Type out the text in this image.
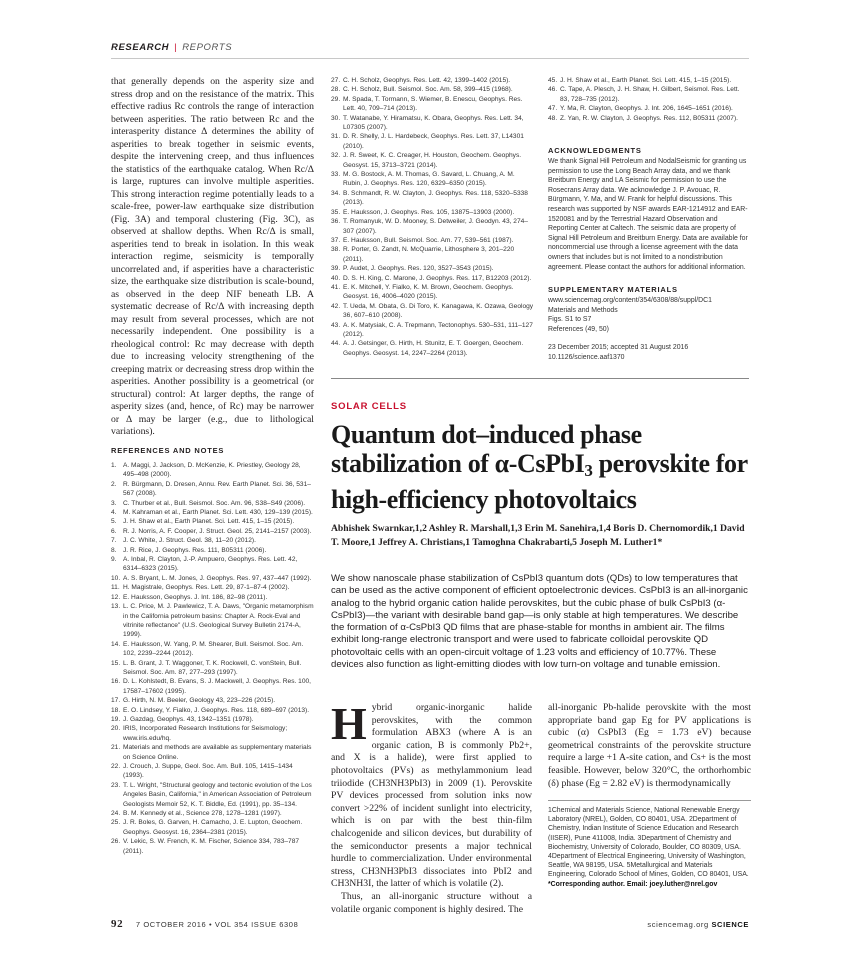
RESEARCH | REPORTS

that generally depends on the asperity size and stress drop and on the resistance of the matrix. This effective radius Rc controls the range of interaction between asperities. The ratio between Rc and the interasperity distance Δ determines the ability of asperities to break together in seismic events, despite the intervening creep, and thus influences the statistics of the earthquake catalog. When Rc/Δ is large, ruptures can involve multiple asperities. This strong interaction regime potentially leads to a scale-free, power-law earthquake size distribution (Fig. 3A) and temporal clustering (Fig. 3C), as observed at shallow depths. When Rc/Δ is small, asperities tend to break in isolation. In this weak interaction regime, seismicity is temporally uncorrelated and, if asperities have a characteristic size, the earthquake size distribution is scale-bound, as observed in the deep NIF beneath LB. A systematic decrease of Rc/Δ with increasing depth may result from several processes, which are not necessarily independent. One possibility is a rheological control: Rc may decrease with depth due to increasing velocity strengthening of the creeping matrix or decreasing stress drop within the asperities. Another possibility is a geometrical (or structural) control: At larger depths, the range of asperity sizes (and, hence, of Rc) may be narrower or Δ may be larger (e.g., due to lithological variations).

REFERENCES AND NOTES

1. A. Maggi, J. Jackson, D. McKenzie, K. Priestley, Geology 28, 495–498 (2000).

2. R. Bürgmann, D. Dresen, Annu. Rev. Earth Planet. Sci. 36, 531–567 (2008).

3. C. Thurber et al., Bull. Seismol. Soc. Am. 96, S38–S49 (2006).

4. M. Kahraman et al., Earth Planet. Sci. Lett. 430, 129–139 (2015).

5. J. H. Shaw et al., Earth Planet. Sci. Lett. 415, 1–15 (2015).

6. R. J. Norris, A. F. Cooper, J. Struct. Geol. 25, 2141–2157 (2003).

7. J. C. White, J. Struct. Geol. 38, 11–20 (2012).

8. J. R. Rice, J. Geophys. Res. 111, B05311 (2006).

9. A. Inbal, R. Clayton, J.-P. Ampuero, Geophys. Res. Lett. 42, 6314–6323 (2015).

10. A. S. Bryant, L. M. Jones, J. Geophys. Res. 97, 437–447 (1992).

11. H. Magistrale, Geophys. Res. Lett. 29, 87-1–87-4 (2002).

12. E. Hauksson, Geophys. J. Int. 186, 82–98 (2011).

13. L. C. Price, M. J. Pawlewicz, T. A. Daws, "Organic metamorphism in the California petroleum basins: Chapter A. Rock-Eval and vitrinite reflectance" (U.S. Geological Survey Bulletin 2174-A, 1999).

14. E. Hauksson, W. Yang, P. M. Shearer, Bull. Seismol. Soc. Am. 102, 2239–2244 (2012).

15. L. B. Grant, J. T. Waggoner, T. K. Rockwell, C. vonStein, Bull. Seismol. Soc. Am. 87, 277–293 (1997).

16. D. L. Kohlstedt, B. Evans, S. J. Mackwell, J. Geophys. Res. 100, 17587–17602 (1995).

17. G. Hirth, N. M. Beeler, Geology 43, 223–226 (2015).

18. E. O. Lindsey, Y. Fialko, J. Geophys. Res. 118, 689–697 (2013).

19. J. Gazdag, Geophys. 43, 1342–1351 (1978).

20. IRIS, Incorporated Research Institutions for Seismology; www.iris.edu/hq.

21. Materials and methods are available as supplementary materials on Science Online.

22. J. Crouch, J. Suppe, Geol. Soc. Am. Bull. 105, 1415–1434 (1993).

23. T. L. Wright, "Structural geology and tectonic evolution of the Los Angeles Basin, California," in American Association of Petroleum Geologists Memoir 52, K. T. Biddle, Ed. (1991), pp. 35–134.

24. B. M. Kennedy et al., Science 278, 1278–1281 (1997).

25. J. R. Boles, G. Garven, H. Camacho, J. E. Lupton, Geochem. Geophys. Geosyst. 16, 2364–2381 (2015).

26. V. Lekic, S. W. French, K. M. Fischer, Science 334, 783–787 (2011).

27. C. H. Scholz, Geophys. Res. Lett. 42, 1399–1402 (2015).

28. C. H. Scholz, Bull. Seismol. Soc. Am. 58, 399–415 (1968).

29. M. Spada, T. Tormann, S. Wiemer, B. Enescu, Geophys. Res. Lett. 40, 709–714 (2013).

30. T. Watanabe, Y. Hiramatsu, K. Obara, Geophys. Res. Lett. 34, L07305 (2007).

31. D. R. Shelly, J. L. Hardebeck, Geophys. Res. Lett. 37, L14301 (2010).

32. J. R. Sweet, K. C. Creager, H. Houston, Geochem. Geophys. Geosyst. 15, 3713–3721 (2014).

33. M. G. Bostock, A. M. Thomas, G. Savard, L. Chuang, A. M. Rubin, J. Geophys. Res. 120, 6329–6350 (2015).

34. B. Schmandt, R. W. Clayton, J. Geophys. Res. 118, 5320–5338 (2013).

35. E. Hauksson, J. Geophys. Res. 105, 13875–13903 (2000).

36. T. Romanyuk, W. D. Mooney, S. Detweiler, J. Geodyn. 43, 274–307 (2007).

37. E. Hauksson, Bull. Seismol. Soc. Am. 77, 539–561 (1987).

38. R. Porter, G. Zandt, N. McQuarrie, Lithosphere 3, 201–220 (2011).

39. P. Audet, J. Geophys. Res. 120, 3527–3543 (2015).

40. D. S. H. King, C. Marone, J. Geophys. Res. 117, B12203 (2012).

41. E. K. Mitchell, Y. Fialko, K. M. Brown, Geochem. Geophys. Geosyst. 16, 4006–4020 (2015).

42. T. Ueda, M. Obata, G. Di Toro, K. Kanagawa, K. Ozawa, Geology 36, 607–610 (2008).

43. A. K. Matysiak, C. A. Trepmann, Tectonophys. 530–531, 111–127 (2012).

44. A. J. Getsinger, G. Hirth, H. Stunitz, E. T. Goergen, Geochem. Geophys. Geosyst. 14, 2247–2264 (2013).

45. J. H. Shaw et al., Earth Planet. Sci. Lett. 415, 1–15 (2015).

46. C. Tape, A. Plesch, J. H. Shaw, H. Gilbert, Seismol. Res. Lett. 83, 728–735 (2012).

47. Y. Ma, R. Clayton, Geophys. J. Int. 206, 1645–1651 (2016).

48. Z. Yan, R. W. Clayton, J. Geophys. Res. 112, B05311 (2007).

ACKNOWLEDGMENTS

We thank Signal Hill Petroleum and NodalSeismic for granting us permission to use the Long Beach Array data, and we thank Breitburn Energy and LA Seismic for permission to use the Rosecrans Array data. We acknowledge J. P. Avouac, R. Bürgmann, Y. Ma, and W. Frank for helpful discussions. This research was supported by NSF awards EAR-1214912 and EAR-1520081 and by the Terrestrial Hazard Observation and Reporting Center at Caltech. The seismic data are property of Signal Hill Petroleum and Breitburn Energy. Data are available for noncommercial use through a license agreement with the data owners that includes but is not limited to a nondistribution agreement. Please contact the authors for additional information.

SUPPLEMENTARY MATERIALS
www.sciencemag.org/content/354/6308/88/suppl/DC1
Materials and Methods
Figs. S1 to S7
References (49, 50)
23 December 2015; accepted 31 August 2016
10.1126/science.aaf1370
SOLAR CELLS
Quantum dot–induced phase stabilization of α-CsPbI3 perovskite for high-efficiency photovoltaics
Abhishek Swarnkar,1,2 Ashley R. Marshall,1,3 Erin M. Sanehira,1,4 Boris D. Chernomordik,1 David T. Moore,1 Jeffrey A. Christians,1 Tamoghna Chakrabarti,5 Joseph M. Luther1*
We show nanoscale phase stabilization of CsPbI3 quantum dots (QDs) to low temperatures that can be used as the active component of efficient optoelectronic devices. CsPbI3 is an all-inorganic analog to the hybrid organic cation halide perovskites, but the cubic phase of bulk CsPbI3 (α-CsPbI3)—the variant with desirable band gap—is only stable at high temperatures. We describe the formation of α-CsPbI3 QD films that are phase-stable for months in ambient air. The films exhibit long-range electronic transport and were used to fabricate colloidal perovskite QD photovoltaic cells with an open-circuit voltage of 1.23 volts and efficiency of 10.77%. These devices also function as light-emitting diodes with low turn-on voltage and tunable emission.

Hybrid organic-inorganic halide perovskites, with the common formulation ABX3 (where A is an organic cation, B is commonly Pb2+, and X is a halide), were first applied to photovoltaics (PVs) as methylammonium lead triiodide (CH3NH3PbI3) in 2009 (1). Perovskite PV devices processed from solution inks now convert >22% of incident sunlight into electricity, which is on par with the best thin-film chalcogenide and silicon devices, but durability of the semiconductor presents a major technical hurdle to commercialization. Under environmental stress, CH3NH3PbI3 dissociates into PbI2 and CH3NH3I, the latter of which is volatile (2).

Thus, an all-inorganic structure without a volatile organic component is highly desired. The

all-inorganic Pb-halide perovskite with the most appropriate band gap Eg for PV applications is cubic (α) CsPbI3 (Eg = 1.73 eV) because geometrical constraints of the perovskite structure require a large +1 A-site cation, and Cs+ is the most feasible. However, below 320°C, the orthorhombic (δ) phase (Eg = 2.82 eV) is thermodynamically

1Chemical and Materials Science, National Renewable Energy Laboratory (NREL), Golden, CO 80401, USA. 2Department of Chemistry, Indian Institute of Science Education and Research (IISER), Pune 411008, India. 3Department of Chemistry and Biochemistry, University of Colorado, Boulder, CO 80309, USA. 4Department of Electrical Engineering, University of Washington, Seattle, WA 98195, USA. 5Metallurgical and Materials Engineering, Colorado School of Mines, Golden, CO 80401, USA.
*Corresponding author. Email: joey.luther@nrel.gov
92 7 OCTOBER 2016 • VOL 354 ISSUE 6308	sciencemag.org SCIENCE
